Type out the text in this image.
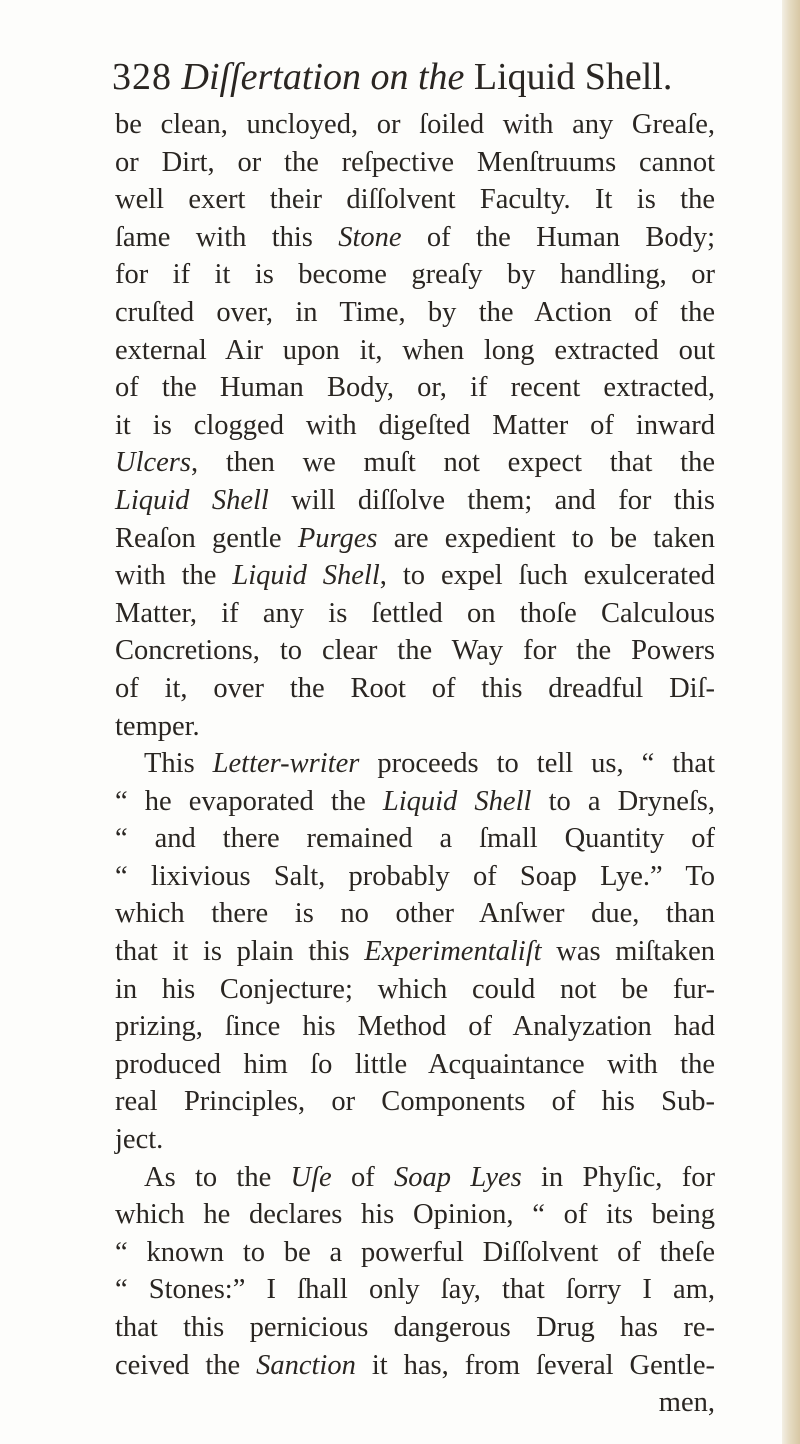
328 Diſſertation on the Liquid Shell.
be clean, uncloyed, or ſoiled with any Greaſe,
or Dirt, or the reſpective Menſtruums cannot
well exert their diſſolvent Faculty. It is the
ſame with this Stone of the Human Body;
for if it is become greaſy by handling, or
cruſted over, in Time, by the Action of the
external Air upon it, when long extracted out
of the Human Body, or, if recent extracted,
it is clogged with digeſted Matter of inward
Ulcers, then we muſt not expect that the
Liquid Shell will diſſolve them; and for this
Reaſon gentle Purges are expedient to be taken
with the Liquid Shell, to expel ſuch exulcerated
Matter, if any is ſettled on thoſe Calculous
Concretions, to clear the Way for the Powers
of it, over the Root of this dreadful Diſ-
temper.
This Letter-writer proceeds to tell us, “ that
“ he evaporated the Liquid Shell to a Dryneſs,
“ and there remained a ſmall Quantity of
“ lixivious Salt, probably of Soap Lye.” To
which there is no other Anſwer due, than
that it is plain this Experimentaliſt was miſtaken
in his Conjecture; which could not be fur-
prizing, ſince his Method of Analyzation had
produced him ſo little Acquaintance with the
real Principles, or Components of his Sub-
ject.
As to the Uſe of Soap Lyes in Phyſic, for
which he declares his Opinion, “ of its being
“ known to be a powerful Diſſolvent of theſe
“ Stones:” I ſhall only ſay, that ſorry I am,
that this pernicious dangerous Drug has re-
ceived the Sanction it has, from ſeveral Gentle-
men,
